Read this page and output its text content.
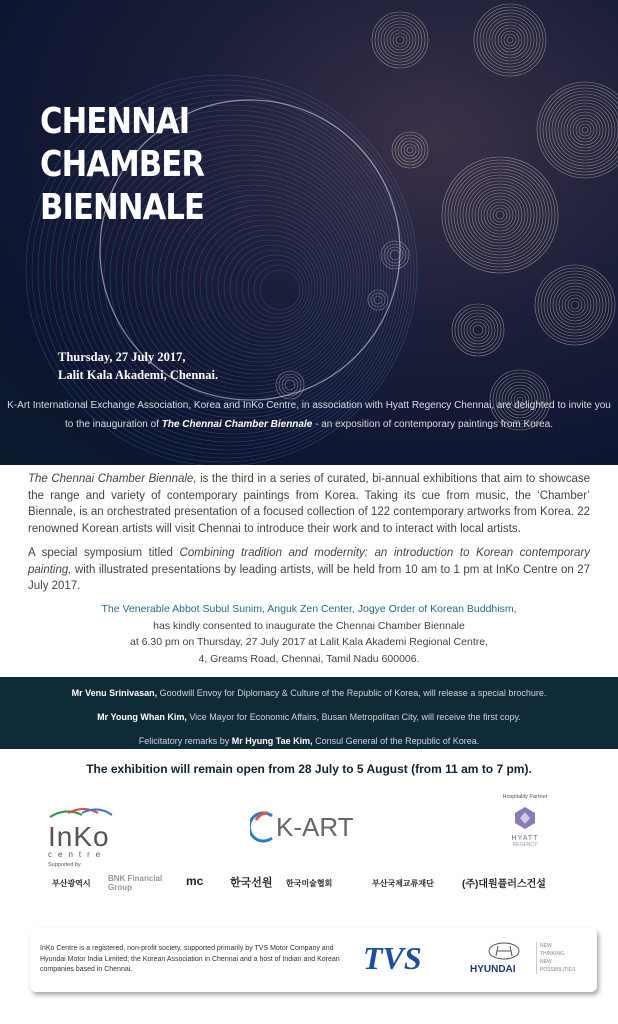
CHENNAI
CHAMBER
BIENNALE
Thursday, 27 July 2017,
Lalit Kala Akademi, Chennai.
K-Art International Exchange Association, Korea and InKo Centre, in association with Hyatt Regency Chennai, are delighted to invite you
to the inauguration of The Chennai Chamber Biennale - an exposition of contemporary paintings from Korea.

The Chennai Chamber Biennale, is the third in a series of curated, bi-annual exhibitions that aim to showcase the range and variety of contemporary paintings from Korea. Taking its cue from music, the ‘Chamber’ Biennale, is an orchestrated presentation of a focused collection of 122 contemporary artworks from Korea. 22 renowned Korean artists will visit Chennai to introduce their work and to interact with local artists.

A special symposium titled Combining tradition and modernity: an introduction to Korean contemporary painting, with illustrated presentations by leading artists, will be held from 10 am to 1 pm at InKo Centre on 27 July 2017.

The Venerable Abbot Subul Sunim, Anguk Zen Center, Jogye Order of Korean Buddhism,
has kindly consented to inaugurate the Chennai Chamber Biennale
at 6.30 pm on Thursday, 27 July 2017 at Lalit Kala Akademi Regional Centre,
4, Greams Road, Chennai, Tamil Nadu 600006.
Mr Venu Srinivasan, Goodwill Envoy for Diplomacy & Culture of the Republic of Korea, will release a special brochure.
Mr Young Whan Kim, Vice Mayor for Economic Affairs, Busan Metropolitan City, will receive the first copy.
Felicitatory remarks by Mr Hyung Tae Kim, Consul General of the Republic of Korea.
The exhibition will remain open from 28 July to 5 August (from 11 am to 7 pm).
InKo
centre
K-ART
Hospitality Partner
HYATT
REGENCY
Supported by
부산광역시
BNK Financial Group	mc 한국선원 한국미술협회	부산국제교류재단	(주)대원플러스건설
InKo Centre is a registered, non-profit society, supported primarily by TVS Motor Company and Hyundai Motor India Limited; the Korean Association in Chennai and a host of Indian and Korean companies based in Chennai.	TVS	HYUNDAI
NEW THINKING. NEW POSSIBILITIES.
